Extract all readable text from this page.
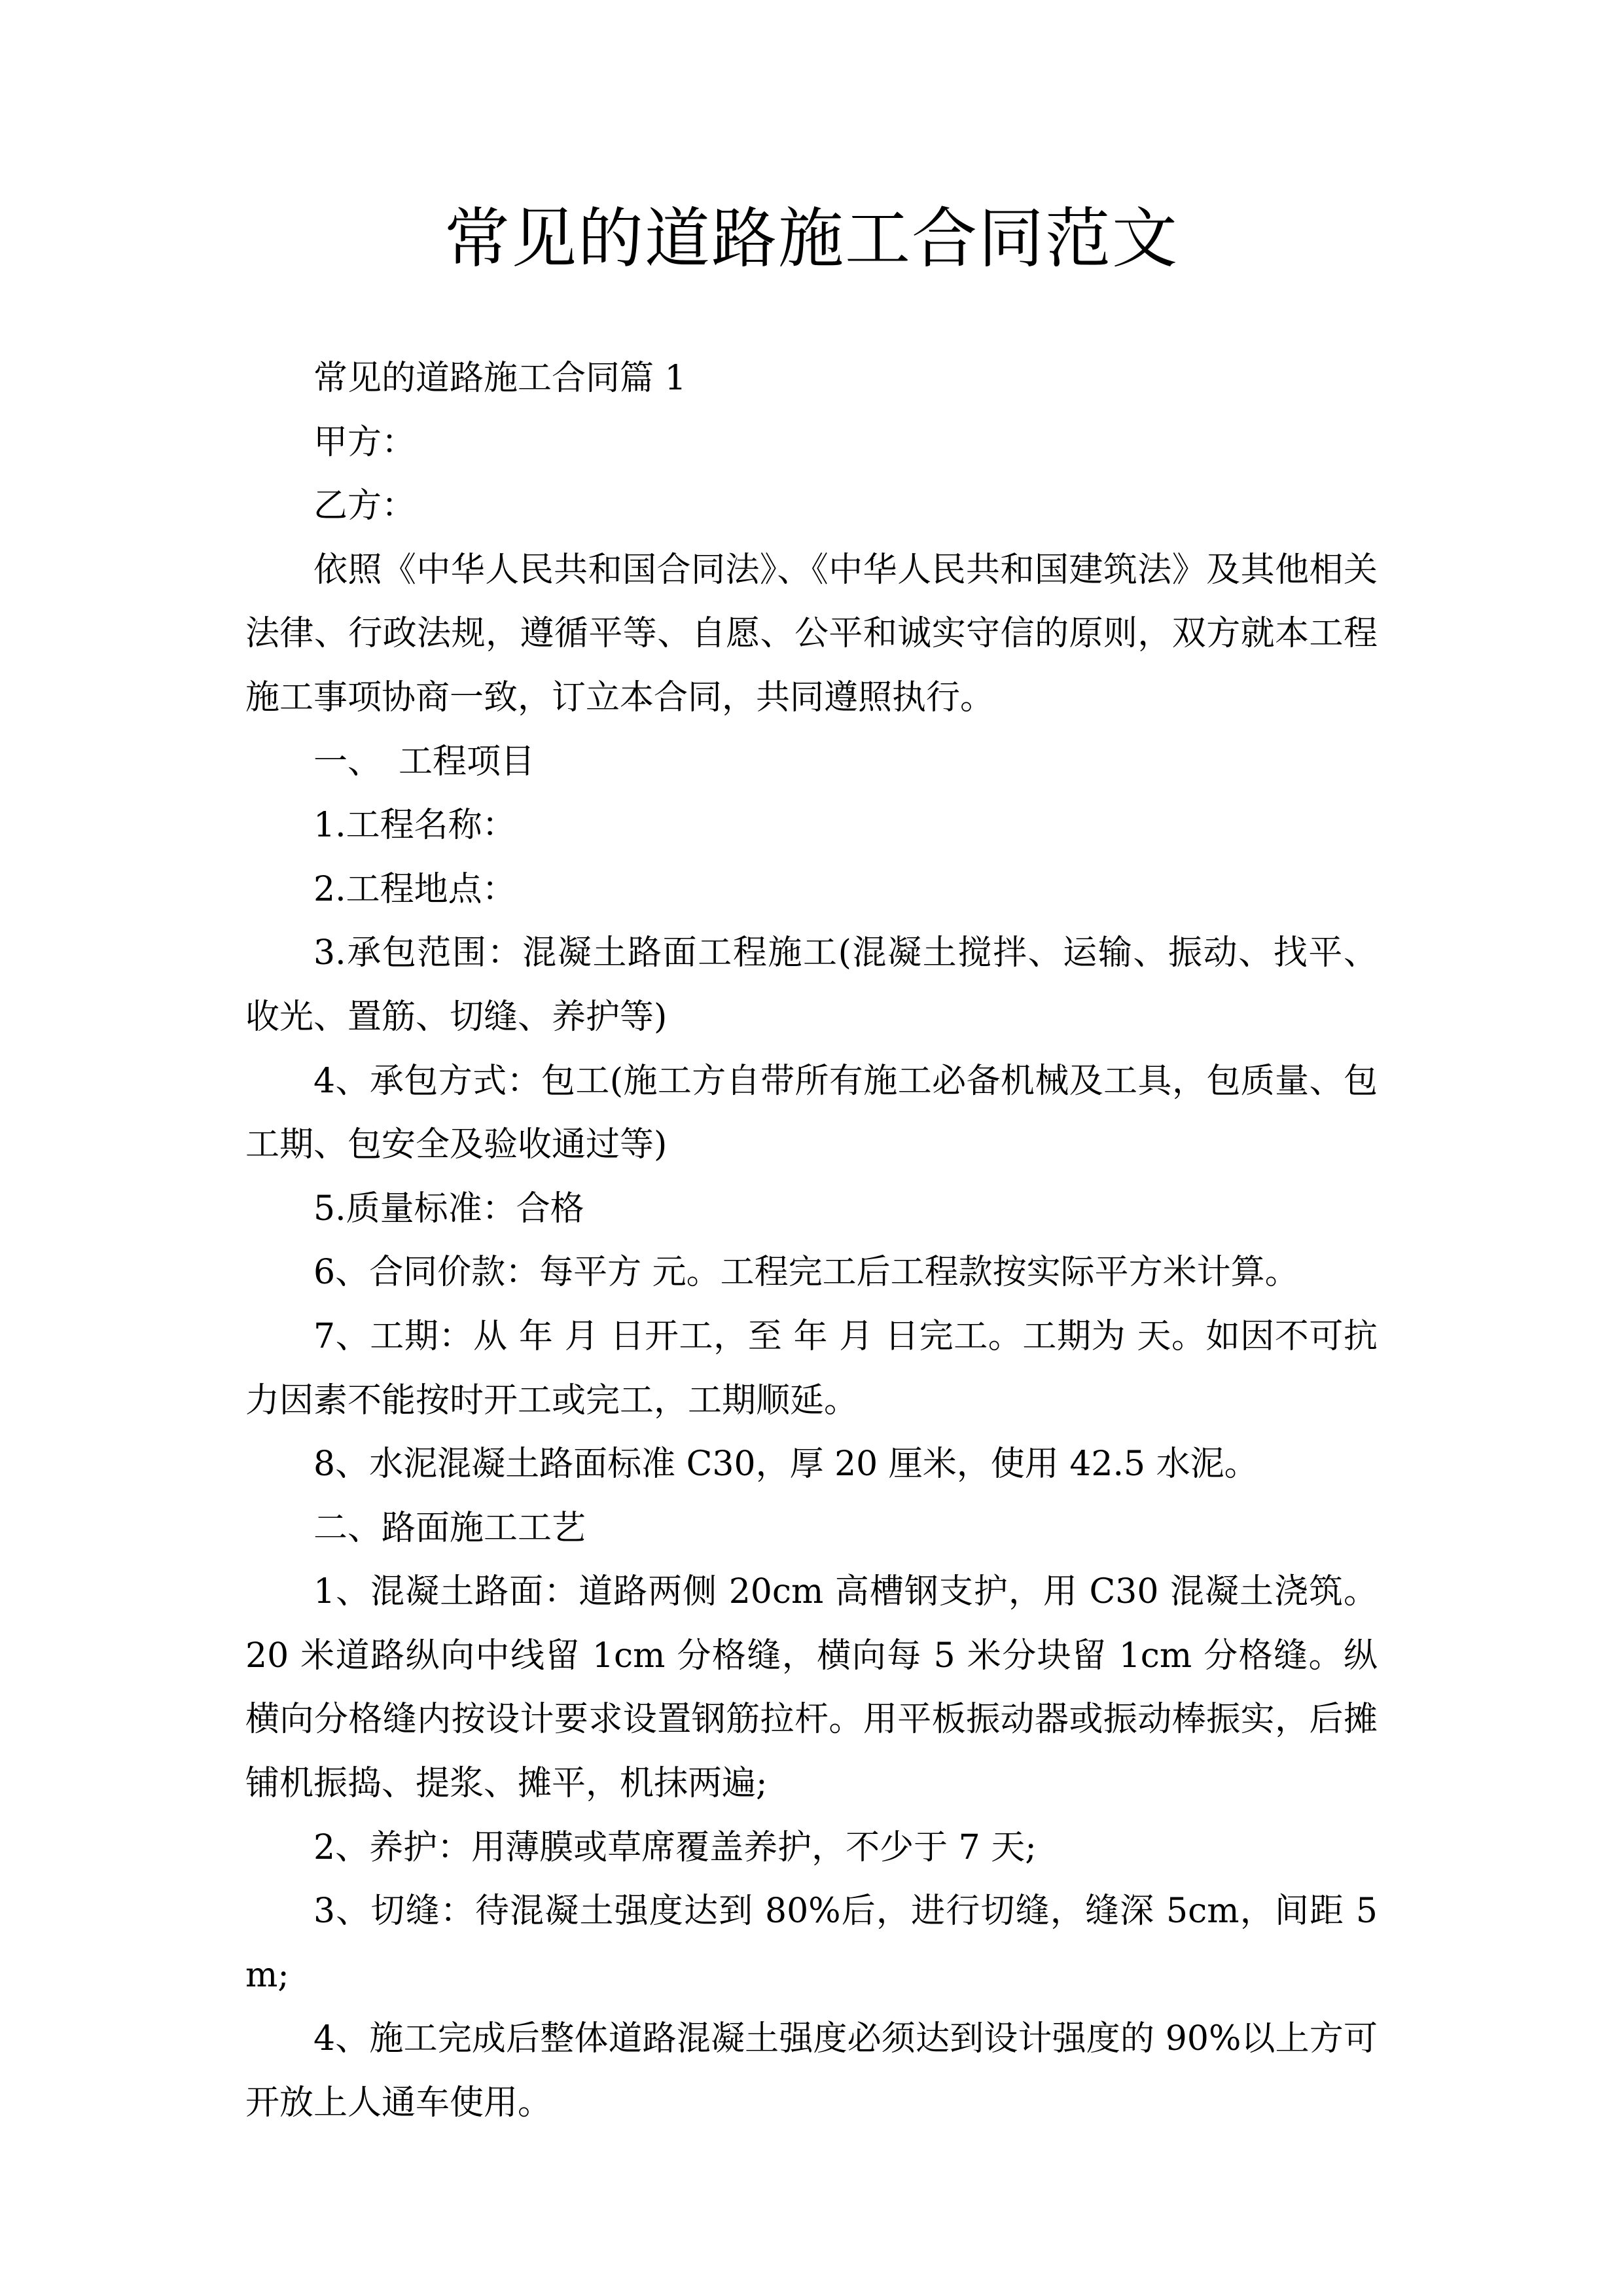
常见的道路施工合同范文

常见的道路施工合同篇 1

甲方：

乙方：

依照《中华人民共和国合同法》、《中华人民共和国建筑法》及其他相关法律、行政法规，遵循平等、自愿、公平和诚实守信的原则，双方就本工程施工事项协商一致，订立本合同，共同遵照执行。

一、　工程项目

1.工程名称：

2.工程地点：

3.承包范围：混凝土路面工程施工(混凝土搅拌、运输、振动、找平、收光、置筋、切缝、养护等)

4、承包方式：包工(施工方自带所有施工必备机械及工具，包质量、包工期、包安全及验收通过等)

5.质量标准：合格

6、合同价款：每平方 元。工程完工后工程款按实际平方米计算。

7、工期：从 年 月 日开工，至 年 月 日完工。工期为 天。如因不可抗力因素不能按时开工或完工，工期顺延。

8、水泥混凝土路面标准 C30，厚 20 厘米，使用 42.5 水泥。

二、路面施工工艺

1、混凝土路面：道路两侧 20cm 高槽钢支护，用 C30 混凝土浇筑。20 米道路纵向中线留 1cm 分格缝，横向每 5 米分块留 1cm 分格缝。纵横向分格缝内按设计要求设置钢筋拉杆。用平板振动器或振动棒振实，后摊铺机振捣、提浆、摊平，机抹两遍;

2、养护：用薄膜或草席覆盖养护，不少于 7 天;

3、切缝：待混凝土强度达到 80%后，进行切缝，缝深 5cm，间距 5m;

4、施工完成后整体道路混凝土强度必须达到设计强度的 90%以上方可开放上人通车使用。
